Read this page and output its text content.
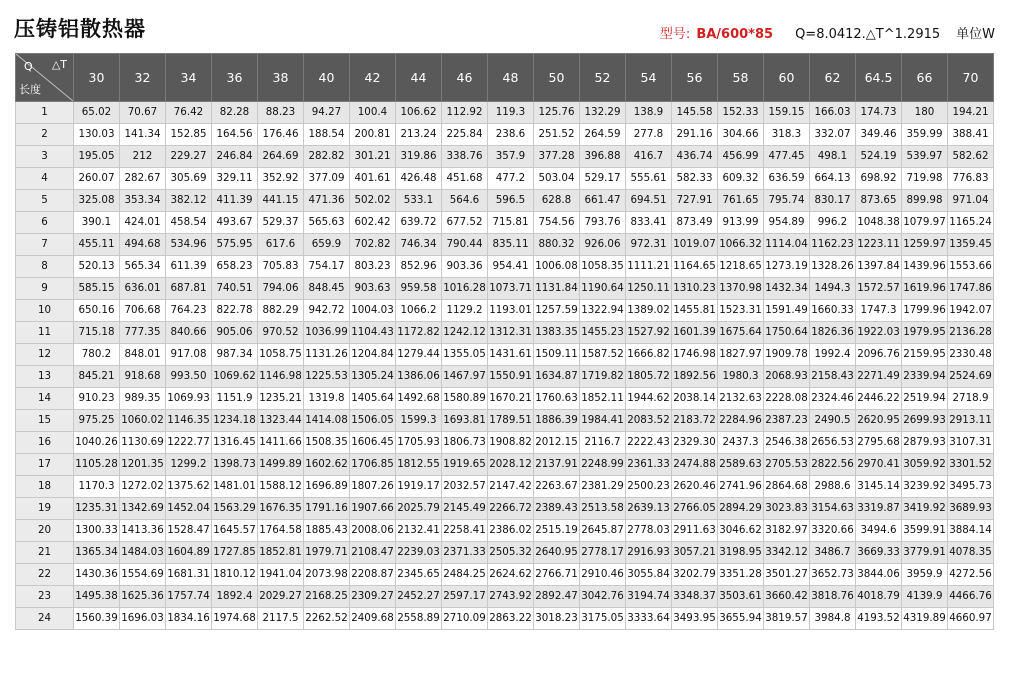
压铸铝散热器	型号: BA/600*85 Q=8.0412.△T^1.2915 单位W
Q △T
长度	30	32	34	36	38	40	42	44	46	48	50	52	54	56	58	60	62	64.5	66	70
1	65.02	70.67	76.42	82.28	88.23	94.27	100.4	106.62	112.92	119.3	125.76	132.29	138.9	145.58	152.33	159.15	166.03	174.73	180	194.21
2	130.03	141.34	152.85	164.56	176.46	188.54	200.81	213.24	225.84	238.6	251.52	264.59	277.8	291.16	304.66	318.3	332.07	349.46	359.99	388.41
3	195.05	212	229.27	246.84	264.69	282.82	301.21	319.86	338.76	357.9	377.28	396.88	416.7	436.74	456.99	477.45	498.1	524.19	539.97	582.62
4	260.07	282.67	305.69	329.11	352.92	377.09	401.61	426.48	451.68	477.2	503.04	529.17	555.61	582.33	609.32	636.59	664.13	698.92	719.98	776.83
5	325.08	353.34	382.12	411.39	441.15	471.36	502.02	533.1	564.6	596.5	628.8	661.47	694.51	727.91	761.65	795.74	830.17	873.65	899.98	971.04
6	390.1	424.01	458.54	493.67	529.37	565.63	602.42	639.72	677.52	715.81	754.56	793.76	833.41	873.49	913.99	954.89	996.2	1048.38	1079.97	1165.24
7	455.11	494.68	534.96	575.95	617.6	659.9	702.82	746.34	790.44	835.11	880.32	926.06	972.31	1019.07	1066.32	1114.04	1162.23	1223.11	1259.97	1359.45
8	520.13	565.34	611.39	658.23	705.83	754.17	803.23	852.96	903.36	954.41	1006.08	1058.35	1111.21	1164.65	1218.65	1273.19	1328.26	1397.84	1439.96	1553.66
9	585.15	636.01	687.81	740.51	794.06	848.45	903.63	959.58	1016.28	1073.71	1131.84	1190.64	1250.11	1310.23	1370.98	1432.34	1494.3	1572.57	1619.96	1747.86
10	650.16	706.68	764.23	822.78	882.29	942.72	1004.03	1066.2	1129.2	1193.01	1257.59	1322.94	1389.02	1455.81	1523.31	1591.49	1660.33	1747.3	1799.96	1942.07
11	715.18	777.35	840.66	905.06	970.52	1036.99	1104.43	1172.82	1242.12	1312.31	1383.35	1455.23	1527.92	1601.39	1675.64	1750.64	1826.36	1922.03	1979.95	2136.28
12	780.2	848.01	917.08	987.34	1058.75	1131.26	1204.84	1279.44	1355.05	1431.61	1509.11	1587.52	1666.82	1746.98	1827.97	1909.78	1992.4	2096.76	2159.95	2330.48
13	845.21	918.68	993.50	1069.62	1146.98	1225.53	1305.24	1386.06	1467.97	1550.91	1634.87	1719.82	1805.72	1892.56	1980.3	2068.93	2158.43	2271.49	2339.94	2524.69
14	910.23	989.35	1069.93	1151.9	1235.21	1319.8	1405.64	1492.68	1580.89	1670.21	1760.63	1852.11	1944.62	2038.14	2132.63	2228.08	2324.46	2446.22	2519.94	2718.9
15	975.25	1060.02	1146.35	1234.18	1323.44	1414.08	1506.05	1599.3	1693.81	1789.51	1886.39	1984.41	2083.52	2183.72	2284.96	2387.23	2490.5	2620.95	2699.93	2913.11
16	1040.26	1130.69	1222.77	1316.45	1411.66	1508.35	1606.45	1705.93	1806.73	1908.82	2012.15	2116.7	2222.43	2329.30	2437.3	2546.38	2656.53	2795.68	2879.93	3107.31
17	1105.28	1201.35	1299.2	1398.73	1499.89	1602.62	1706.85	1812.55	1919.65	2028.12	2137.91	2248.99	2361.33	2474.88	2589.63	2705.53	2822.56	2970.41	3059.92	3301.52
18	1170.3	1272.02	1375.62	1481.01	1588.12	1696.89	1807.26	1919.17	2032.57	2147.42	2263.67	2381.29	2500.23	2620.46	2741.96	2864.68	2988.6	3145.14	3239.92	3495.73
19	1235.31	1342.69	1452.04	1563.29	1676.35	1791.16	1907.66	2025.79	2145.49	2266.72	2389.43	2513.58	2639.13	2766.05	2894.29	3023.83	3154.63	3319.87	3419.92	3689.93
20	1300.33	1413.36	1528.47	1645.57	1764.58	1885.43	2008.06	2132.41	2258.41	2386.02	2515.19	2645.87	2778.03	2911.63	3046.62	3182.97	3320.66	3494.6	3599.91	3884.14
21	1365.34	1484.03	1604.89	1727.85	1852.81	1979.71	2108.47	2239.03	2371.33	2505.32	2640.95	2778.17	2916.93	3057.21	3198.95	3342.12	3486.7	3669.33	3779.91	4078.35
22	1430.36	1554.69	1681.31	1810.12	1941.04	2073.98	2208.87	2345.65	2484.25	2624.62	2766.71	2910.46	3055.84	3202.79	3351.28	3501.27	3652.73	3844.06	3959.9	4272.56
23	1495.38	1625.36	1757.74	1892.4	2029.27	2168.25	2309.27	2452.27	2597.17	2743.92	2892.47	3042.76	3194.74	3348.37	3503.61	3660.42	3818.76	4018.79	4139.9	4466.76
24	1560.39	1696.03	1834.16	1974.68	2117.5	2262.52	2409.68	2558.89	2710.09	2863.22	3018.23	3175.05	3333.64	3493.95	3655.94	3819.57	3984.8	4193.52	4319.89	4660.97
